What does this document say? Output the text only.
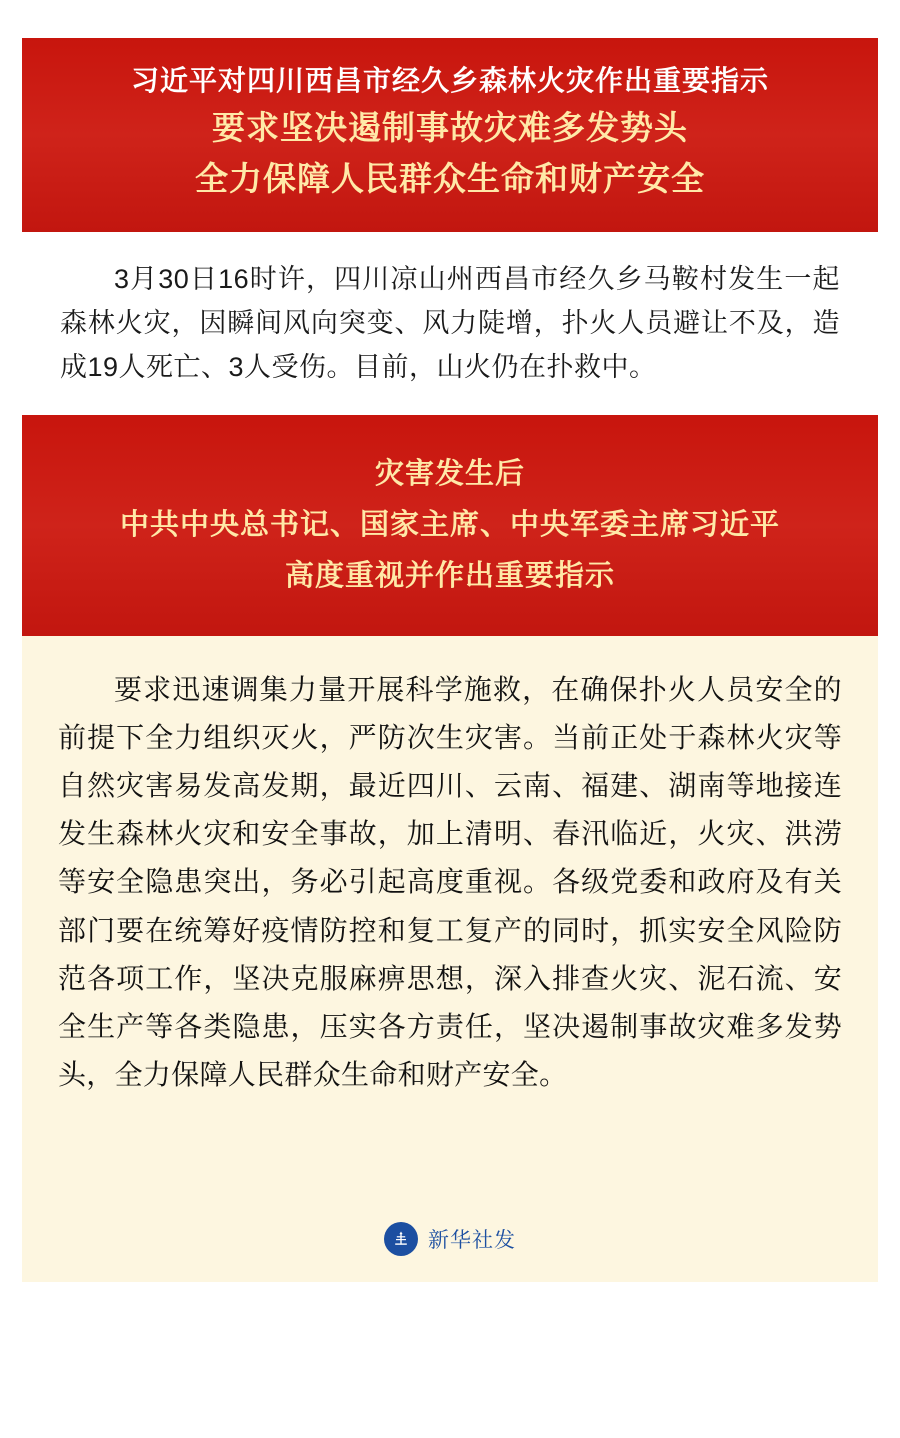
习近平对四川西昌市经久乡森林火灾作出重要指示
要求坚决遏制事故灾难多发势头
全力保障人民群众生命和财产安全

3月30日16时许，四川凉山州西昌市经久乡马鞍村发生一起森林火灾，因瞬间风向突变、风力陡增，扑火人员避让不及，造成19人死亡、3人受伤。目前，山火仍在扑救中。

灾害发生后
中共中央总书记、国家主席、中央军委主席习近平
高度重视并作出重要指示

要求迅速调集力量开展科学施救，在确保扑火人员安全的前提下全力组织灭火，严防次生灾害。当前正处于森林火灾等自然灾害易发高发期，最近四川、云南、福建、湖南等地接连发生森林火灾和安全事故，加上清明、春汛临近，火灾、洪涝等安全隐患突出，务必引起高度重视。各级党委和政府及有关部门要在统筹好疫情防控和复工复产的同时，抓实安全风险防范各项工作，坚决克服麻痹思想，深入排查火灾、泥石流、安全生产等各类隐患，压实各方责任，坚决遏制事故灾难多发势头，全力保障人民群众生命和财产安全。

新华社发
